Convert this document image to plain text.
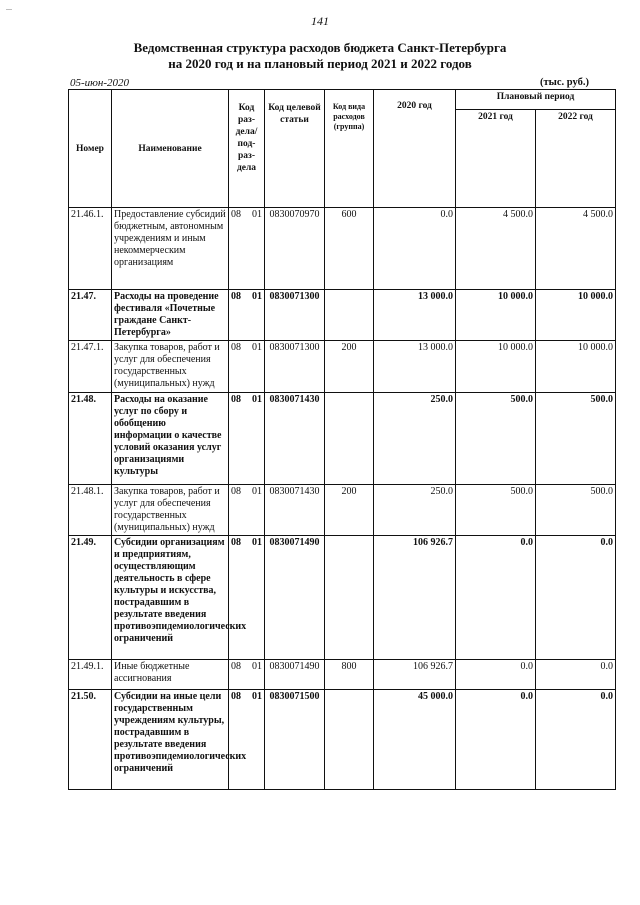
...
141
Ведомственная структура расходов бюджета Санкт-Петербурга
на 2020 год и на плановый период 2021 и 2022 годов
05-июн-2020	(тыс. руб.)
Номер	Наименование	Код раз-дела/ под-раз-дела	Код целевой статьи	Код вида расходов (группа)	2020 год	Плановый период	
						2021 год	2022 год
21.46.1.	Предоставление субсидий бюджетным, автономным учреждениям и иным некоммерческим организациям	08 01	0830070970	600	0.0	4 500.0	4 500.0
21.47.	Расходы на проведение фестиваля «Почетные граждане Санкт-Петербурга»	08 01	0830071300		13 000.0	10 000.0	10 000.0
21.47.1.	Закупка товаров, работ и услуг для обеспечения государственных (муниципальных) нужд	08 01	0830071300	200	13 000.0	10 000.0	10 000.0
21.48.	Расходы на оказание услуг по сбору и обобщению информации о качестве условий оказания услуг организациями культуры	08 01	0830071430		250.0	500.0	500.0
21.48.1.	Закупка товаров, работ и услуг для обеспечения государственных (муниципальных) нужд	08 01	0830071430	200	250.0	500.0	500.0
21.49.	Субсидии организациям и предприятиям, осуществляющим деятельность в сфере культуры и искусства, пострадавшим в результате введения противоэпидемиологических ограничений	08 01	0830071490		106 926.7	0.0	0.0
21.49.1.	Иные бюджетные ассигнования	08 01	0830071490	800	106 926.7	0.0	0.0
21.50.	Субсидии на иные цели государственным учреждениям культуры, пострадавшим в результате введения противоэпидемиологических ограничений	08 01	0830071500		45 000.0	0.0	0.0
